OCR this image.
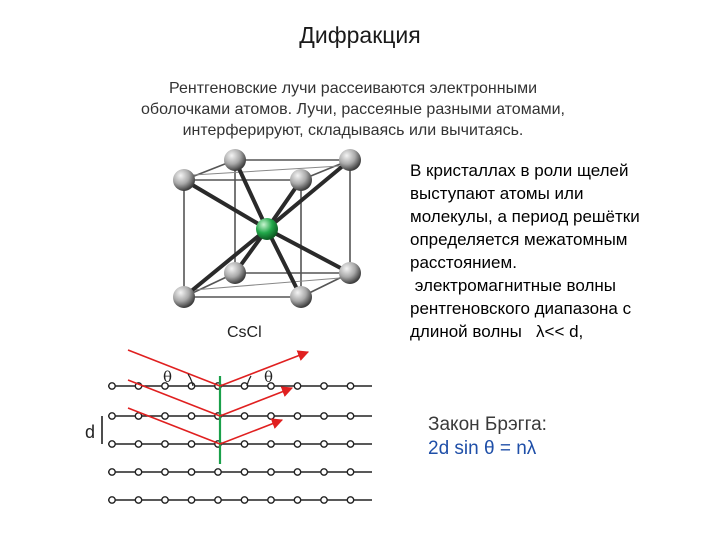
Дифракция
Рентгеновские лучи рассеиваются электронными
оболочками атомов. Лучи, рассеяные разными атомами,
интерферируют, складываясь или вычитаясь.
CsCl
θ	θ
d

В кристаллах в роли щелей

выступают атомы или

молекулы, а период решётки

определяется межатомным

расстоянием.

электромагнитные волны

рентгеновского диапазона с

длиной волны   λ<< d,

Закон Брэгга:
2d sin θ = nλ
